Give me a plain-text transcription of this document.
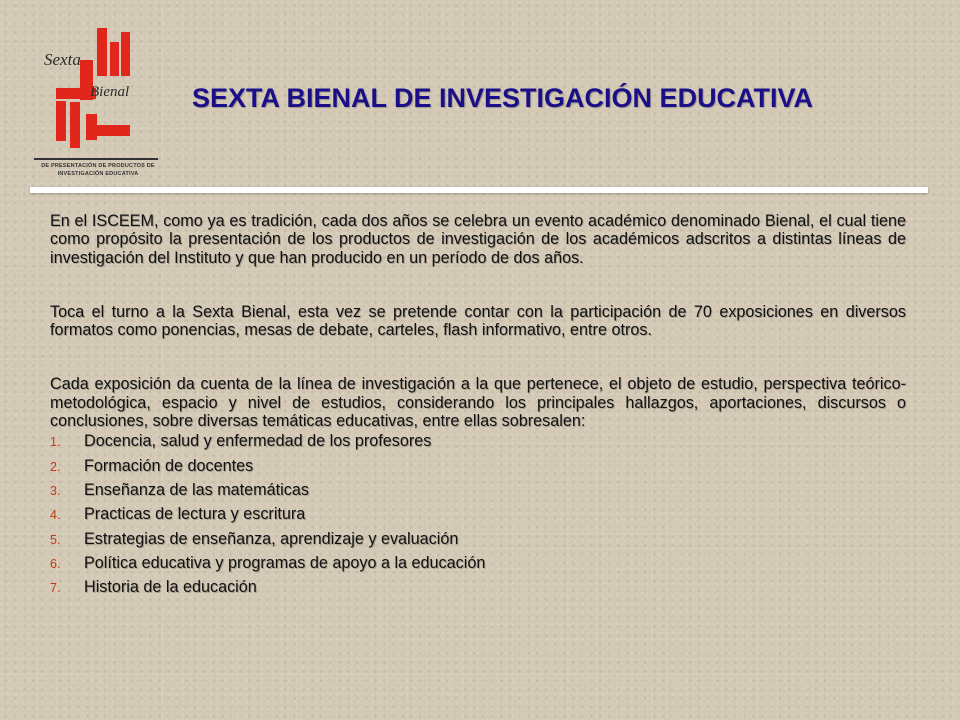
Sexta
Bienal
DE PRESENTACIÓN DE PRODUCTOS DE
INVESTIGACIÓN EDUCATIVA
SEXTA BIENAL DE INVESTIGACIÓN EDUCATIVA

En el ISCEEM, como ya es tradición, cada dos años se celebra un evento académico denominado Bienal, el cual tiene como propósito la presentación de los productos de investigación de los académicos adscritos a distintas líneas de investigación del Instituto y que han producido en un período de dos años.

Toca el turno a la Sexta Bienal, esta vez se pretende contar con la participación de 70 exposiciones en diversos formatos como ponencias, mesas de debate, carteles, flash informativo, entre otros.

Cada exposición da cuenta de la línea de investigación a la que pertenece, el objeto de estudio, perspectiva teórico-metodológica, espacio y nivel de estudios, considerando los principales hallazgos, aportaciones, discursos o conclusiones, sobre diversas temáticas educativas, entre ellas sobresalen:

1.	Docencia, salud y enfermedad de los profesores
2.	Formación de docentes
3.	Enseñanza de las matemáticas
4.	Practicas de lectura y escritura
5.	Estrategias de enseñanza, aprendizaje y evaluación
6.	Política educativa y programas de apoyo a la educación
7.	Historia de la educación
